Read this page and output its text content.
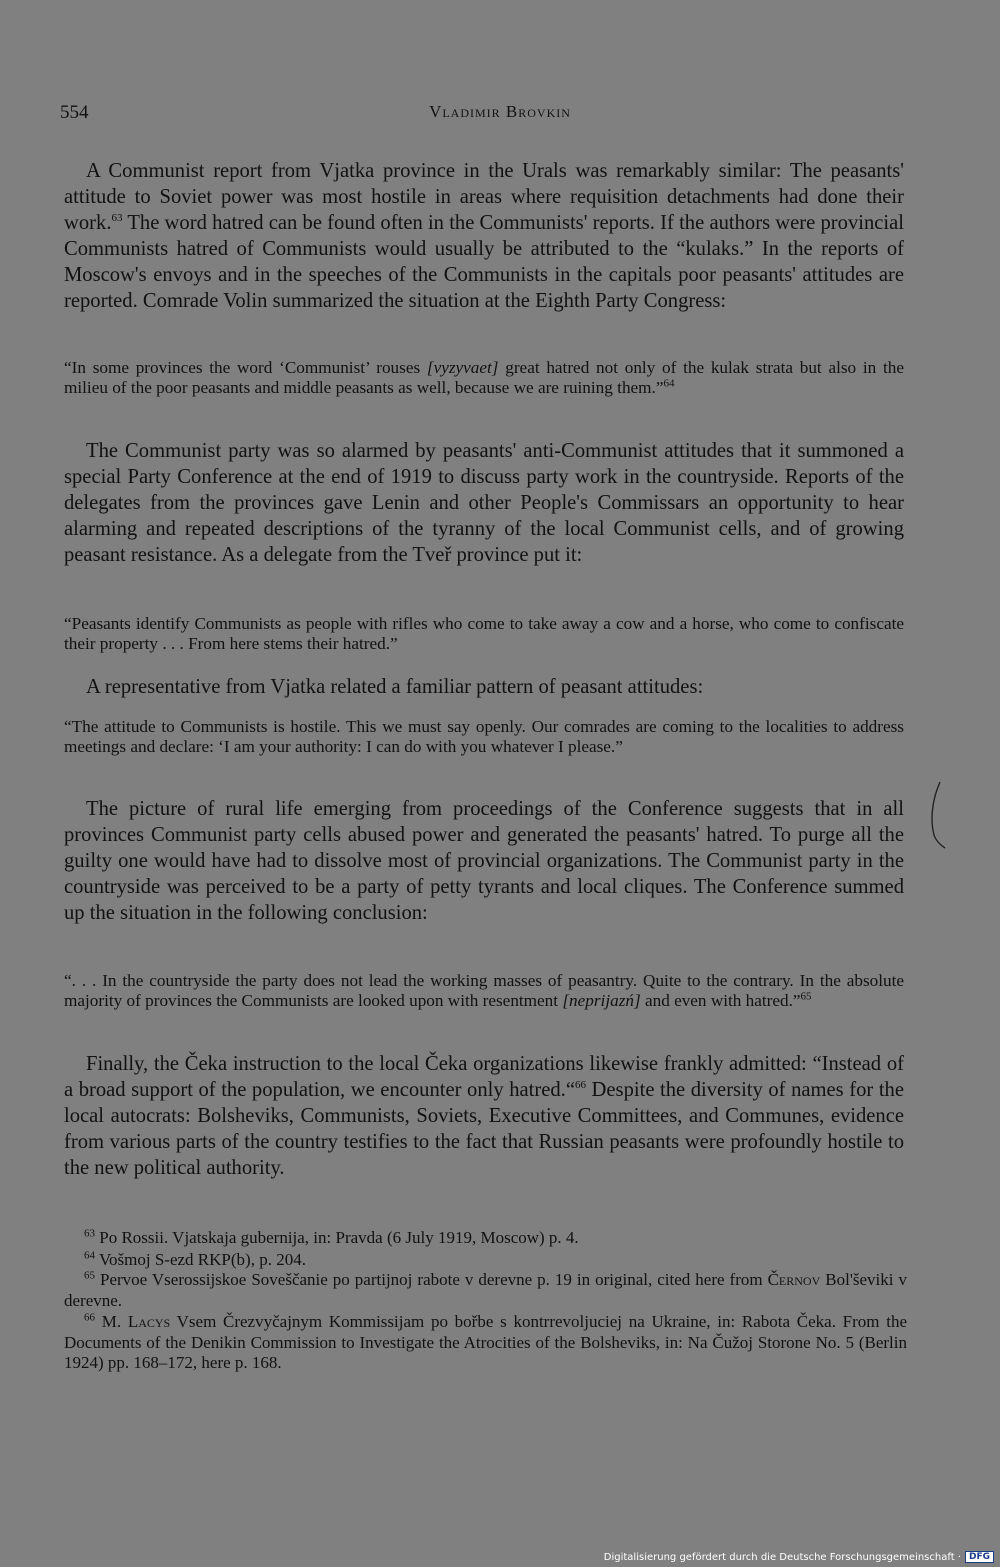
554	Vladimir Brovkin

A Communist report from Vjatka province in the Urals was remarkably similar: The peasants' attitude to Soviet power was most hostile in areas where requisition detachments had done their work.$^{63}$ The word hatred can be found often in the Communists' reports. If the authors were provincial Communists hatred of Communists would usually be attributed to the “kulaks.” In the reports of Moscow's envoys and in the speeches of the Communists in the capitals poor peasants' attitudes are reported. Comrade Volin summarized the situation at the Eighth Party Congress:

“In some provinces the word ‘Communist’ rouses [vyzyvaet] great hatred not only of the kulak strata but also in the milieu of the poor peasants and middle peasants as well, because we are ruining them.”$^{64}$

The Communist party was so alarmed by peasants' anti-Communist attitudes that it summoned a special Party Conference at the end of 1919 to discuss party work in the countryside. Reports of the delegates from the provinces gave Lenin and other People's Commissars an opportunity to hear alarming and repeated descriptions of the tyranny of the local Communist cells, and of growing peasant resistance. As a delegate from the Tveř province put it:

“Peasants identify Communists as people with rifles who come to take away a cow and a horse, who come to confiscate their property . . . From here stems their hatred.”

A representative from Vjatka related a familiar pattern of peasant attitudes:

“The attitude to Communists is hostile. This we must say openly. Our comrades are coming to the localities to address meetings and declare: ‘I am your authority: I can do with you whatever I please.”

The picture of rural life emerging from proceedings of the Conference suggests that in all provinces Communist party cells abused power and generated the peasants' hatred. To purge all the guilty one would have had to dissolve most of provincial organizations. The Communist party in the countryside was perceived to be a party of petty tyrants and local cliques. The Conference summed up the situation in the following conclusion:

“. . . In the countryside the party does not lead the working masses of peasantry. Quite to the contrary. In the absolute majority of provinces the Communists are looked upon with resentment [neprijazń] and even with hatred.”$^{65}$

Finally, the Čeka instruction to the local Čeka organizations likewise frankly admitted: “Instead of a broad support of the population, we encounter only hatred.“$^{66}$ Despite the diversity of names for the local autocrats: Bolsheviks, Communists, Soviets, Executive Committees, and Communes, evidence from various parts of the country testifies to the fact that Russian peasants were profoundly hostile to the new political authority.

$^{63}$ Po Rossii. Vjatskaja gubernija, in: Pravda (6 July 1919, Moscow) p. 4.

$^{64}$ Vošmoj S-ezd RKP(b), p. 204.

$^{65}$ Pervoe Vserossijskoe Soveščanie po partijnoj rabote v derevne p. 19 in original, cited here from Černov Bol'ševiki v derevne.

$^{66}$ M. Lacys Vsem Črezvyčajnym Kommissijam po bořbe s kontrrevoljuciej na Ukraine, in: Rabota Čeka. From the Documents of the Denikin Commission to Investigate the Atrocities of the Bolsheviks, in: Na Čužoj Storone No. 5 (Berlin 1924) pp. 168–172, here p. 168.

Digitalisierung gefördert durch die Deutsche Forschungsgemeinschaft · DFG
